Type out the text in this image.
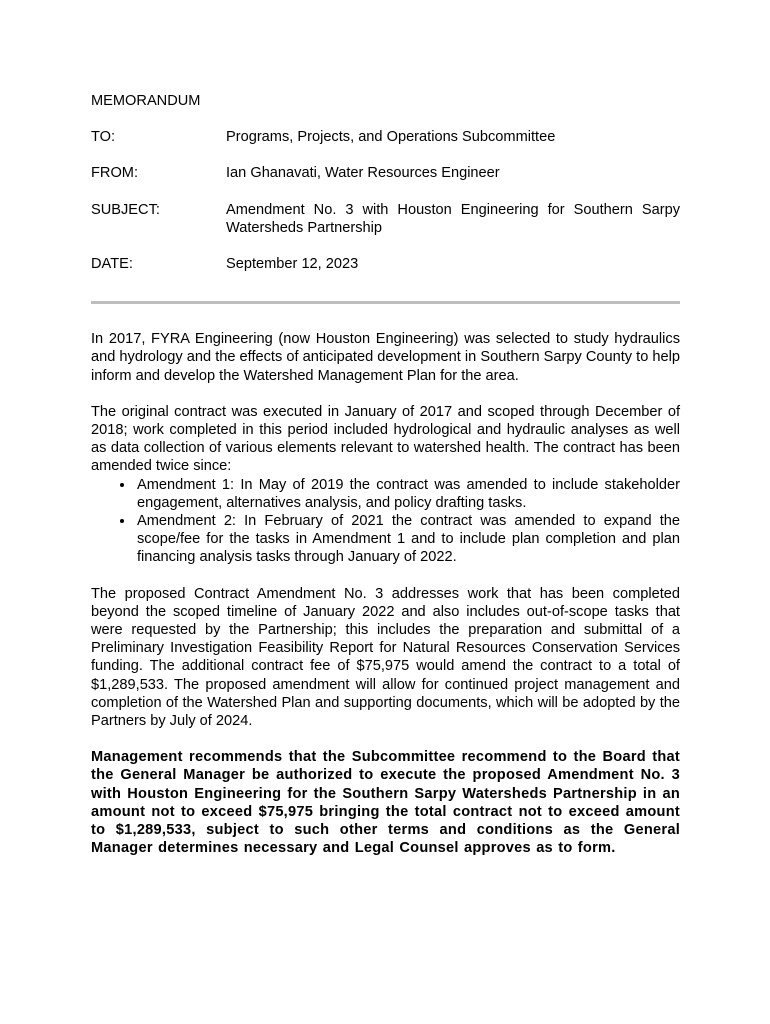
MEMORANDUM
TO:	Programs, Projects, and Operations Subcommittee
FROM:	Ian Ghanavati, Water Resources Engineer
SUBJECT:	Amendment No. 3 with Houston Engineering for Southern Sarpy Watersheds Partnership
DATE:	September 12, 2023

In 2017, FYRA Engineering (now Houston Engineering) was selected to study hydraulics and hydrology and the effects of anticipated development in Southern Sarpy County to help inform and develop the Watershed Management Plan for the area.

The original contract was executed in January of 2017 and scoped through December of 2018; work completed in this period included hydrological and hydraulic analyses as well as data collection of various elements relevant to watershed health. The contract has been amended twice since:

• Amendment 1: In May of 2019 the contract was amended to include stakeholder engagement, alternatives analysis, and policy drafting tasks.
• Amendment 2: In February of 2021 the contract was amended to expand the scope/fee for the tasks in Amendment 1 and to include plan completion and plan financing analysis tasks through January of 2022.

The proposed Contract Amendment No. 3 addresses work that has been completed beyond the scoped timeline of January 2022 and also includes out-of-scope tasks that were requested by the Partnership; this includes the preparation and submittal of a Preliminary Investigation Feasibility Report for Natural Resources Conservation Services funding. The additional contract fee of $75,975 would amend the contract to a total of $1,289,533. The proposed amendment will allow for continued project management and completion of the Watershed Plan and supporting documents, which will be adopted by the Partners by July of 2024.

Management recommends that the Subcommittee recommend to the Board that the General Manager be authorized to execute the proposed Amendment No. 3 with Houston Engineering for the Southern Sarpy Watersheds Partnership in an amount not to exceed $75,975 bringing the total contract not to exceed amount to $1,289,533, subject to such other terms and conditions as the General Manager determines necessary and Legal Counsel approves as to form.
